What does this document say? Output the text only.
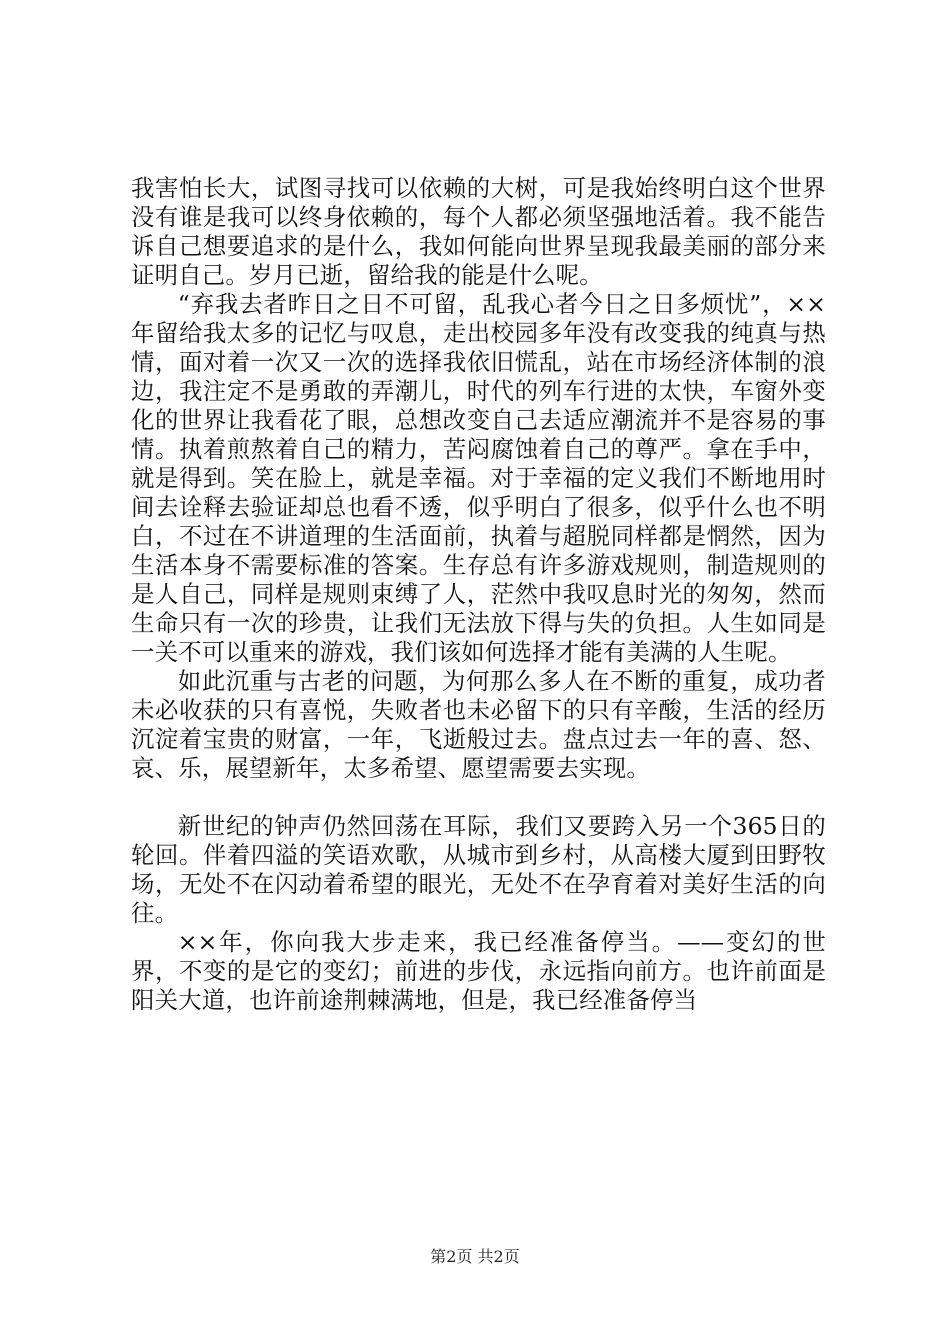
我害怕长大，试图寻找可以依赖的大树，可是我始终明白这个世界没有谁是我可以终身依赖的，每个人都必须坚强地活着。我不能告诉自己想要追求的是什么，我如何能向世界呈现我最美丽的部分来证明自己。岁月已逝，留给我的能是什么呢。

“弃我去者昨日之日不可留，乱我心者今日之日多烦忧”，××年留给我太多的记忆与叹息，走出校园多年没有改变我的纯真与热情，面对着一次又一次的选择我依旧慌乱，站在市场经济体制的浪边，我注定不是勇敢的弄潮儿，时代的列车行进的太快，车窗外变化的世界让我看花了眼，总想改变自己去适应潮流并不是容易的事情。执着煎熬着自己的精力，苦闷腐蚀着自己的尊严。拿在手中，就是得到。笑在脸上，就是幸福。对于幸福的定义我们不断地用时间去诠释去验证却总也看不透，似乎明白了很多，似乎什么也不明白，不过在不讲道理的生活面前，执着与超脱同样都是惘然，因为生活本身不需要标准的答案。生存总有许多游戏规则，制造规则的是人自己，同样是规则束缚了人，茫然中我叹息时光的匆匆，然而生命只有一次的珍贵，让我们无法放下得与失的负担。人生如同是一关不可以重来的游戏，我们该如何选择才能有美满的人生呢。

如此沉重与古老的问题，为何那么多人在不断的重复，成功者未必收获的只有喜悦，失败者也未必留下的只有辛酸，生活的经历沉淀着宝贵的财富，一年，飞逝般过去。盘点过去一年的喜、怒、哀、乐，展望新年，太多希望、愿望需要去实现。

新世纪的钟声仍然回荡在耳际，我们又要跨入另一个365日的轮回。伴着四溢的笑语欢歌，从城市到乡村，从高楼大厦到田野牧场，无处不在闪动着希望的眼光，无处不在孕育着对美好生活的向往。

××年，你向我大步走来，我已经准备停当。——变幻的世界，不变的是它的变幻；前进的步伐，永远指向前方。也许前面是阳关大道，也许前途荆棘满地，但是，我已经准备停当

第2页 共2页
